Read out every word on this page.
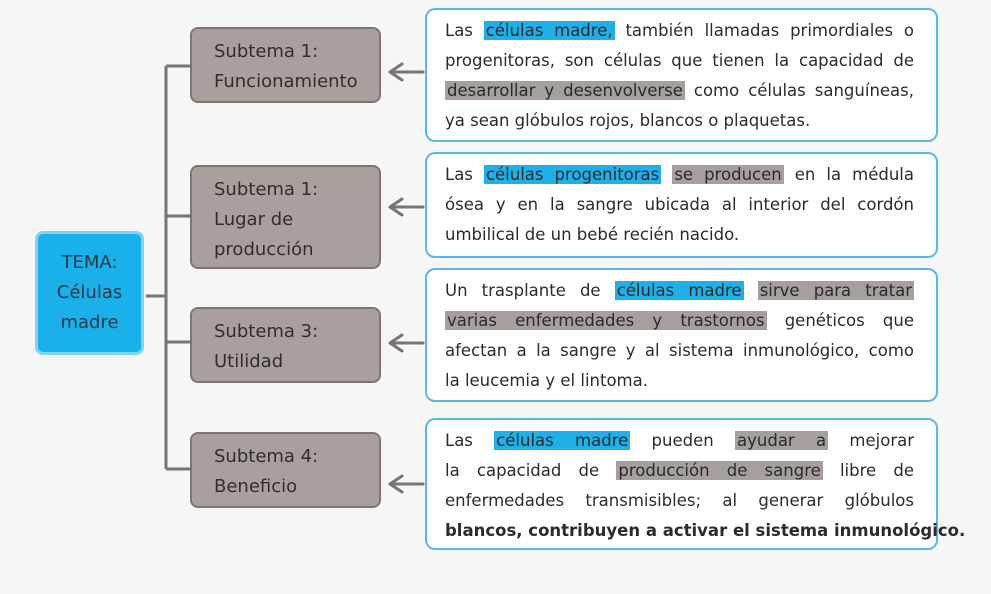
TEMA:
Células
madre
Subtema 1:
Funcionamiento
Subtema 1:
Lugar de
producción
Subtema 3:
Utilidad
Subtema 4:
Beneficio
Las células madre, también llamadas primordiales o
progenitoras, son células que tienen la capacidad de
desarrollar y desenvolverse como células sanguíneas,
ya sean glóbulos rojos, blancos o plaquetas.
Las células progenitoras se producen en la médula
ósea y en la sangre ubicada al interior del cordón
umbilical de un bebé recién nacido.
Un trasplante de células madre sirve para tratar
varias enfermedades y trastornos genéticos que
afectan a la sangre y al sistema inmunológico, como
la leucemia y el lintoma.
Las células madre pueden ayudar a mejorar
la capacidad de producción de sangre libre de
enfermedades transmisibles; al generar glóbulos
blancos, contribuyen a activar el sistema inmunológico.
